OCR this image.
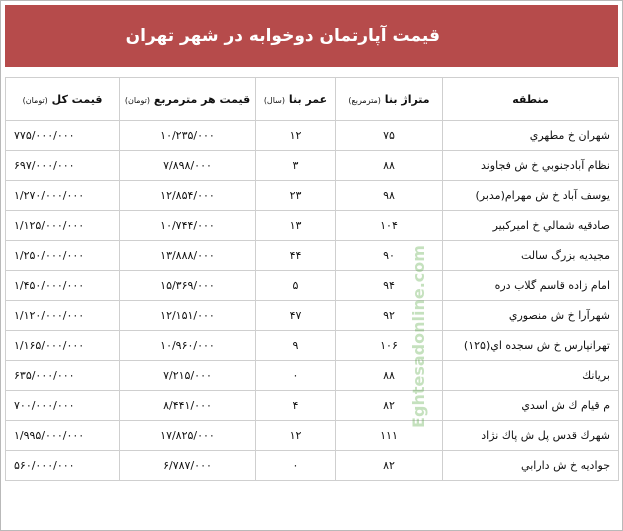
قیمت آپارتمان دوخوابه در شهر تهران
منطقه	متراژ بنا (مترمربع)	عمر بنا (سال)	قیمت هر مترمربع (تومان)	قیمت کل (تومان)
شهران خ مطهري	۷۵	۱۲	۱۰/۲۳۵/۰۰۰	۷۷۵/۰۰۰/۰۰۰
نظام آبادجنوبي خ ش فجاوند	۸۸	۳	۷/۸۹۸/۰۰۰	۶۹۷/۰۰۰/۰۰۰
يوسف آباد خ ش مهرام(مدبر)	۹۸	۲۳	۱۲/۸۵۴/۰۰۰	۱/۲۷۰/۰۰۰/۰۰۰
صادقيه شمالي خ اميركبير	۱۰۴	۱۳	۱۰/۷۴۴/۰۰۰	۱/۱۲۵/۰۰۰/۰۰۰
مجيديه بزرگ سالت	۹۰	۴۴	۱۳/۸۸۸/۰۰۰	۱/۲۵۰/۰۰۰/۰۰۰
امام زاده قاسم گلاب دره	۹۴	۵	۱۵/۳۶۹/۰۰۰	۱/۴۵۰/۰۰۰/۰۰۰
شهرآرا خ ش منصوري	۹۲	۴۷	۱۲/۱۵۱/۰۰۰	۱/۱۲۰/۰۰۰/۰۰۰
تهرانپارس خ ش سجده اي(۱۲۵)	۱۰۶	۹	۱۰/۹۶۰/۰۰۰	۱/۱۶۵/۰۰۰/۰۰۰
بريانك	۸۸	۰	۷/۲۱۵/۰۰۰	۶۳۵/۰۰۰/۰۰۰
م قيام ك ش اسدي	۸۲	۴	۸/۴۴۱/۰۰۰	۷۰۰/۰۰۰/۰۰۰
شهرك قدس پل ش پاك نژاد	۱۱۱	۱۲	۱۷/۸۲۵/۰۰۰	۱/۹۹۵/۰۰۰/۰۰۰
جواديه خ ش دارابي	۸۲	۰	۶/۷۸۷/۰۰۰	۵۶۰/۰۰۰/۰۰۰
Eghtesadonline.com
